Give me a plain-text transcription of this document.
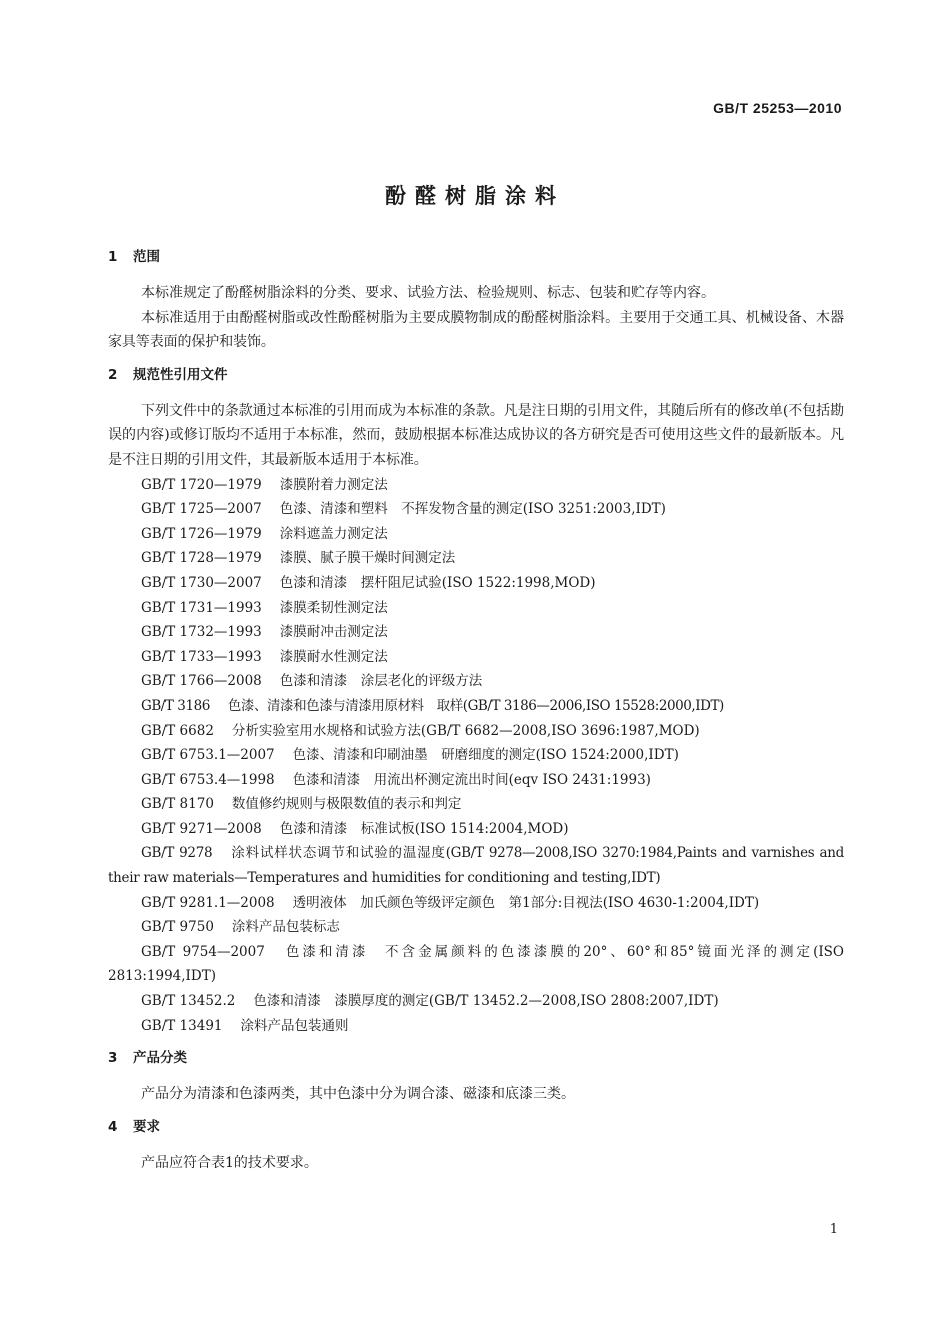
GB/T 25253—2010
酚醛树脂涂料
1 范围

本标准规定了酚醛树脂涂料的分类、要求、试验方法、检验规则、标志、包装和贮存等内容。

本标准适用于由酚醛树脂或改性酚醛树脂为主要成膜物制成的酚醛树脂涂料。主要用于交通工具、机械设备、木器家具等表面的保护和装饰。

2 规范性引用文件

下列文件中的条款通过本标准的引用而成为本标准的条款。凡是注日期的引用文件，其随后所有的修改单(不包括勘误的内容)或修订版均不适用于本标准，然而，鼓励根据本标准达成协议的各方研究是否可使用这些文件的最新版本。凡是不注日期的引用文件，其最新版本适用于本标准。

GB/T 1720—1979 漆膜附着力测定法

GB/T 1725—2007 色漆、清漆和塑料　不挥发物含量的测定(ISO 3251:2003,IDT)

GB/T 1726—1979 涂料遮盖力测定法

GB/T 1728—1979 漆膜、腻子膜干燥时间测定法

GB/T 1730—2007 色漆和清漆　摆杆阻尼试验(ISO 1522:1998,MOD)

GB/T 1731—1993 漆膜柔韧性测定法

GB/T 1732—1993 漆膜耐冲击测定法

GB/T 1733—1993 漆膜耐水性测定法

GB/T 1766—2008 色漆和清漆　涂层老化的评级方法

GB/T 3186 色漆、清漆和色漆与清漆用原材料　取样(GB/T 3186—2006,ISO 15528:2000,IDT)

GB/T 6682 分析实验室用水规格和试验方法(GB/T 6682—2008,ISO 3696:1987,MOD)

GB/T 6753.1—2007 色漆、清漆和印刷油墨　研磨细度的测定(ISO 1524:2000,IDT)

GB/T 6753.4—1998 色漆和清漆　用流出杯测定流出时间(eqv ISO 2431:1993)

GB/T 8170 数值修约规则与极限数值的表示和判定

GB/T 9271—2008 色漆和清漆　标准试板(ISO 1514:2004,MOD)

GB/T 9278 涂料试样状态调节和试验的温湿度(GB/T 9278—2008,ISO 3270:1984,Paints and varnishes and their raw materials—Temperatures and humidities for conditioning and testing,IDT)

GB/T 9281.1—2008 透明液体　加氏颜色等级评定颜色　第1部分:目视法(ISO 4630-1:2004,IDT)

GB/T 9750 涂料产品包装标志

GB/T 9754—2007 色漆和清漆　不含金属颜料的色漆漆膜的20°、60°和85°镜面光泽的测定(ISO 2813:1994,IDT)

GB/T 13452.2 色漆和清漆　漆膜厚度的测定(GB/T 13452.2—2008,ISO 2808:2007,IDT)

GB/T 13491 涂料产品包装通则

3 产品分类

产品分为清漆和色漆两类，其中色漆中分为调合漆、磁漆和底漆三类。

4 要求

产品应符合表1的技术要求。

1
